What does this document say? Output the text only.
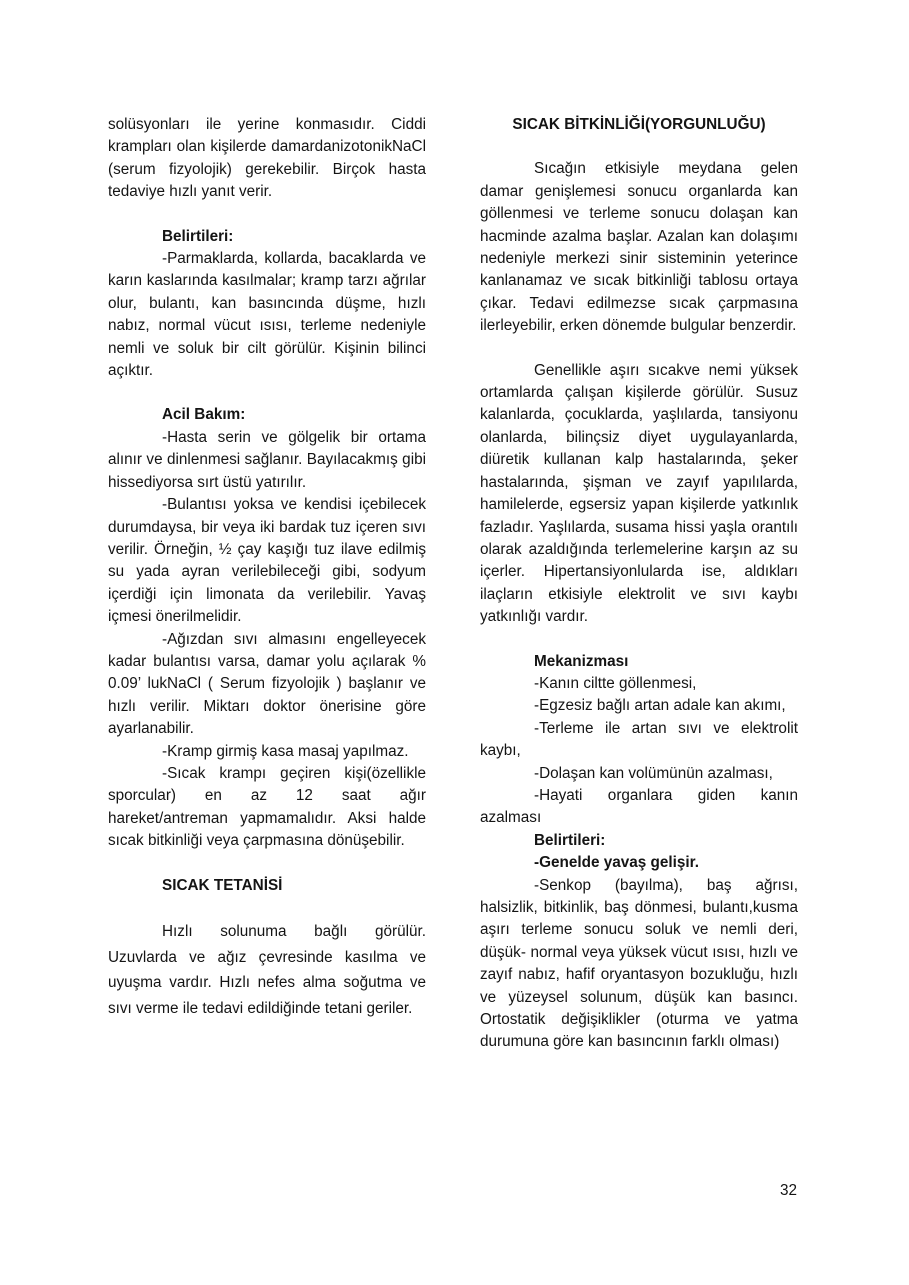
solüsyonları ile yerine konmasıdır. Ciddi krampları olan kişilerde damardanizotonikNaCl (serum fizyolojik) gerekebilir. Birçok hasta tedaviye hızlı yanıt verir.

Belirtileri:

-Parmaklarda, kollarda, bacaklarda ve karın kaslarında kasılmalar; kramp tarzı ağrılar olur, bulantı, kan basıncında düşme, hızlı nabız, normal vücut ısısı, terleme nedeniyle nemli ve soluk bir cilt görülür. Kişinin bilinci açıktır.

Acil Bakım:

-Hasta serin ve gölgelik bir ortama alınır ve dinlenmesi sağlanır. Bayılacakmış gibi hissediyorsa sırt üstü yatırılır.

-Bulantısı yoksa ve kendisi içebilecek durumdaysa, bir veya iki bardak tuz içeren sıvı verilir. Örneğin, ½ çay kaşığı tuz ilave edilmiş su yada ayran verilebileceği gibi, sodyum içerdiği için limonata da verilebilir. Yavaş içmesi önerilmelidir.

-Ağızdan sıvı almasını engelleyecek kadar bulantısı varsa, damar yolu açılarak % 0.09’ lukNaCl ( Serum fizyolojik ) başlanır ve hızlı verilir. Miktarı doktor önerisine göre ayarlanabilir.

-Kramp girmiş kasa masaj yapılmaz.

-Sıcak krampı geçiren kişi(özellikle sporcular) en az 12 saat ağır hareket/antreman yapmamalıdır. Aksi halde sıcak bitkinliği veya çarpmasına dönüşebilir.

SICAK TETANİSİ

Hızlı solunuma bağlı görülür. Uzuvlarda ve ağız çevresinde kasılma ve uyuşma vardır. Hızlı nefes alma soğutma ve sıvı verme ile tedavi edildiğinde tetani geriler.

SICAK BİTKİNLİĞİ(YORGUNLUĞU)

Sıcağın etkisiyle meydana gelen damar genişlemesi sonucu organlarda kan göllenmesi ve terleme sonucu dolaşan kan hacminde azalma başlar. Azalan kan dolaşımı nedeniyle merkezi sinir sisteminin yeterince kanlanamaz ve sıcak bitkinliği tablosu ortaya çıkar. Tedavi edilmezse sıcak çarpmasına ilerleyebilir, erken dönemde bulgular benzerdir.

Genellikle aşırı sıcakve nemi yüksek ortamlarda çalışan kişilerde görülür. Susuz kalanlarda, çocuklarda, yaşlılarda, tansiyonu olanlarda, bilinçsiz diyet uygulayanlarda, diüretik kullanan kalp hastalarında, şeker hastalarında, şişman ve zayıf yapılılarda, hamilelerde, egsersiz yapan kişilerde yatkınlık fazladır. Yaşlılarda, susama hissi yaşla orantılı olarak azaldığında terlemelerine karşın az su içerler. Hipertansiyonlularda ise, aldıkları ilaçların etkisiyle elektrolit ve sıvı kaybı yatkınlığı vardır.

Mekanizması

-Kanın ciltte göllenmesi,

-Egzesiz bağlı artan adale kan akımı,

-Terleme ile artan sıvı ve elektrolit kaybı,

-Dolaşan kan volümünün azalması,

-Hayati organlara giden kanın azalması

Belirtileri:

-Genelde yavaş gelişir.

-Senkop (bayılma), baş ağrısı, halsizlik, bitkinlik, baş dönmesi, bulantı,kusma aşırı terleme sonucu soluk ve nemli deri, düşük- normal veya yüksek vücut ısısı, hızlı ve zayıf nabız, hafif oryantasyon bozukluğu, hızlı ve yüzeysel solunum, düşük kan basıncı. Ortostatik değişiklikler (oturma ve yatma durumuna göre kan basıncının farklı olması)

32
